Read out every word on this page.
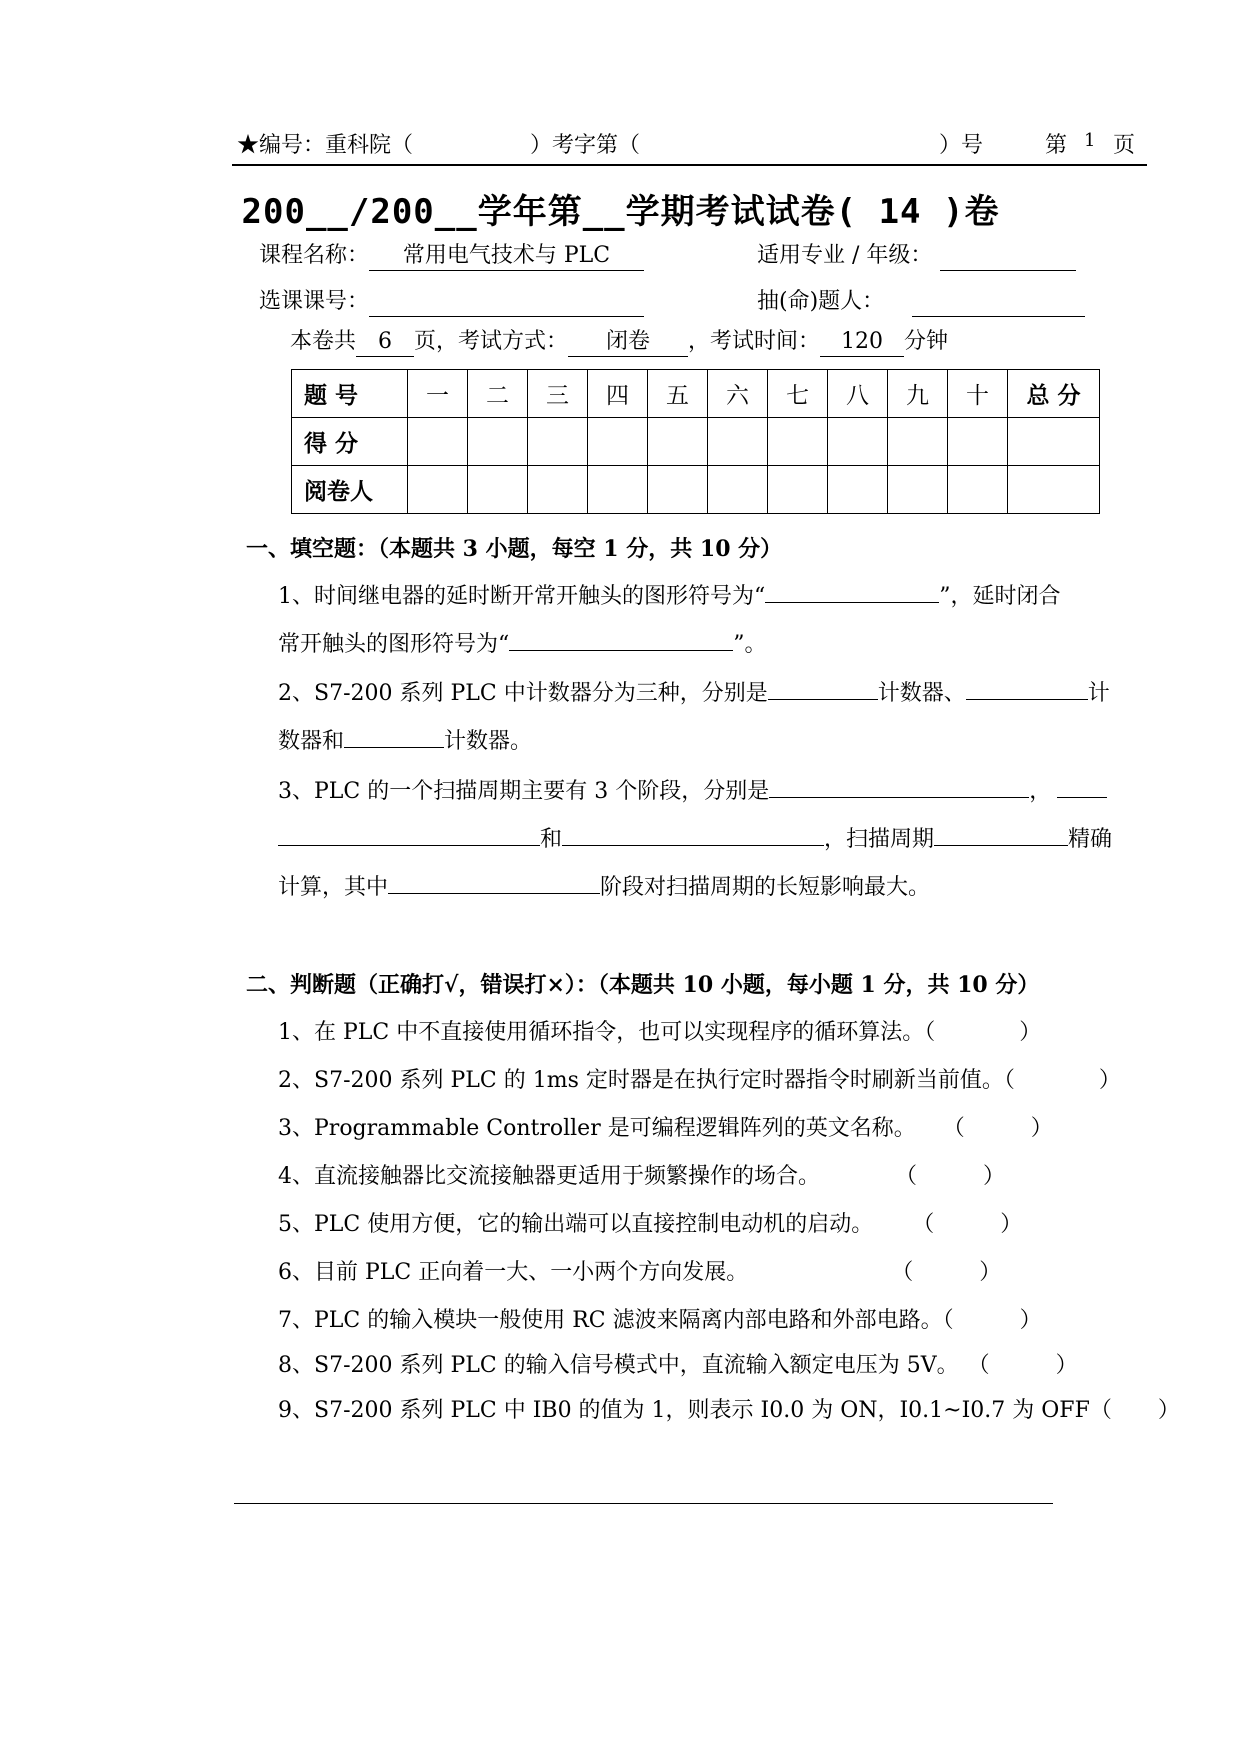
★编号：重科院（	）考字第（	）号	第 1 页
200__/200__学年第__学期考试试卷( 14 )卷
课程名称： 常用电气技术与 PLC	适用专业 / 年级：
选课课号：	抽(命)题人：
本卷共 6 页，考试方式： 闭卷 ，考试时间： 120 分钟
题 号	一	二	三	四	五	六	七	八	九	十	总 分
得 分											
阅卷人											
一、填空题：（本题共 3 小题，每空 1 分，共 10 分）
1、时间继电器的延时断开常开触头的图形符号为“	”，延时闭合
常开触头的图形符号为“	”。
2、S7-200 系列 PLC 中计数器分为三种，分别是	计数器、	计
数器和	计数器。
3、PLC 的一个扫描周期主要有 3 个阶段，分别是	，
和	，扫描周期	精确
计算，其中	阶段对扫描周期的长短影响最大。
二、判断题（正确打√，错误打×）：（本题共 10 小题，每小题 1 分，共 10 分）
1、在 PLC 中不直接使用循环指令，也可以实现程序的循环算法。（	）
2、S7-200 系列 PLC 的 1ms 定时器是在执行定时器指令时刷新当前值。（	）
3、Programmable Controller 是可编程逻辑阵列的英文名称。 （	）
4、直流接触器比交流接触器更适用于频繁操作的场合。	（	）
5、PLC 使用方便，它的输出端可以直接控制电动机的启动。 （	）
6、目前 PLC 正向着一大、一小两个方向发展。	（	）
7、PLC 的输入模块一般使用 RC 滤波来隔离内部电路和外部电路。（	）
8、S7-200 系列 PLC 的输入信号模式中，直流输入额定电压为 5V。 （	）
9、S7-200 系列 PLC 中 IB0 的值为 1，则表示 I0.0 为 ON，I0.1~I0.7 为 OFF（ ）
